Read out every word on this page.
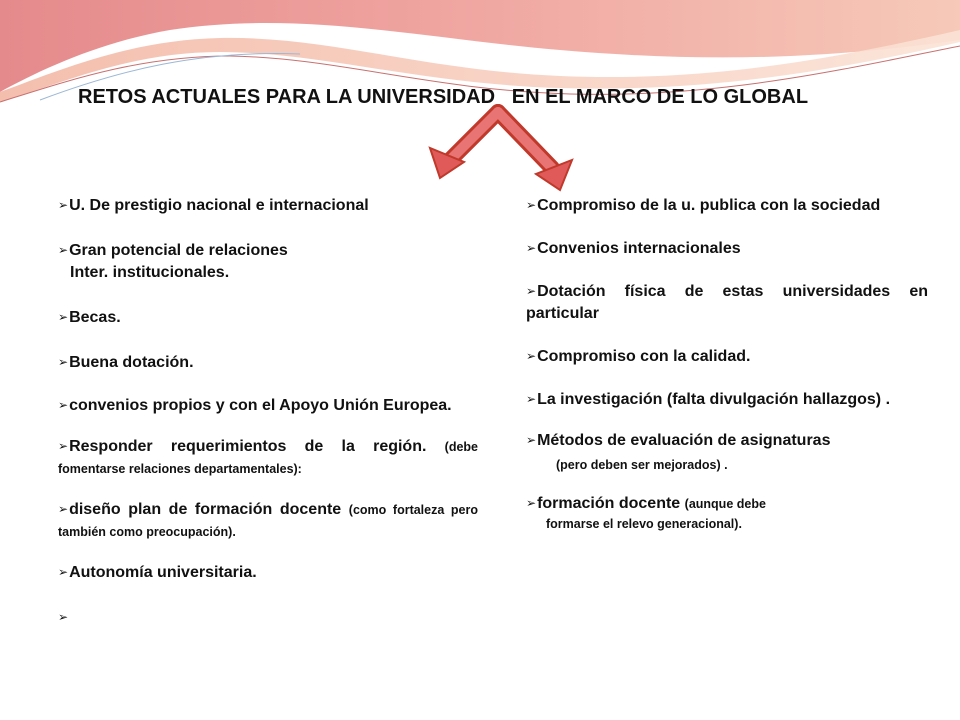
RETOS ACTUALES PARA LA UNIVERSIDAD   EN EL MARCO DE LO GLOBAL

➢U. De prestigio nacional e internacional

➢Gran potencial de relaciones

Inter. institucionales.

➢Becas.

➢Buena dotación.

➢convenios propios y con el Apoyo Unión Europea.

➢Responder requerimientos de la región. (debe fomentarse relaciones departamentales):

➢diseño plan de formación docente (como fortaleza pero también como preocupación).

➢Autonomía universitaria.

➢

➢Compromiso de la u. publica con la sociedad

➢Convenios internacionales

➢Dotación física de estas universidades en particular

➢Compromiso con la calidad.

➢La investigación (falta divulgación hallazgos) .

➢Métodos de evaluación de asignaturas

(pero deben ser mejorados) .

➢formación docente (aunque debe

formarse el relevo generacional).
